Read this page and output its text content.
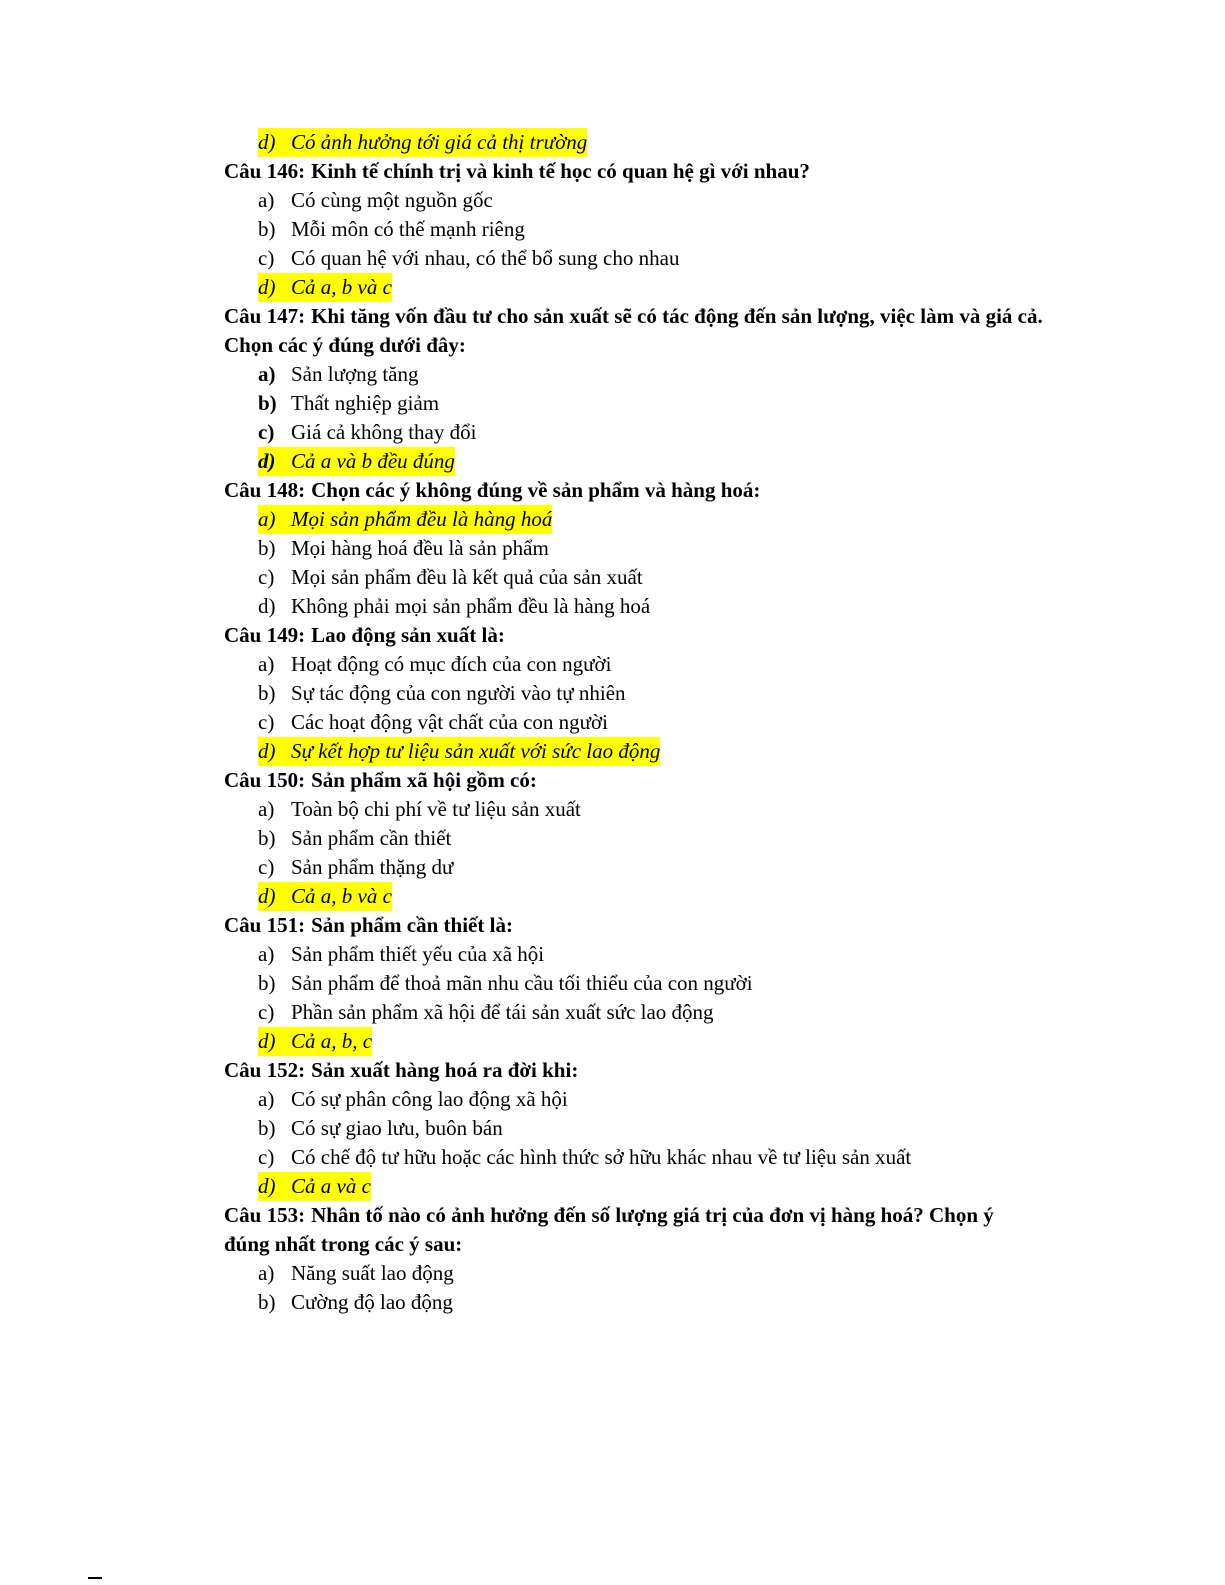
d) Có ảnh hưởng tới giá cả thị trường

Câu 146: Kinh tế chính trị và kinh tế học có quan hệ gì với nhau?

a) Có cùng một nguồn gốc
b) Mỗi môn có thế mạnh riêng
c) Có quan hệ với nhau, có thể bổ sung cho nhau
d) Cả a, b và c

Câu 147: Khi tăng vốn đầu tư cho sản xuất sẽ có tác động đến sản lượng, việc làm và giá cả.

Chọn các ý đúng dưới đây:

a) Sản lượng tăng
b) Thất nghiệp giảm
c) Giá cả không thay đổi
d) Cả a và b đều đúng

Câu 148: Chọn các ý không đúng về sản phẩm và hàng hoá:

a) Mọi sản phẩm đều là hàng hoá
b) Mọi hàng hoá đều là sản phẩm
c) Mọi sản phẩm đều là kết quả của sản xuất
d) Không phải mọi sản phẩm đều là hàng hoá

Câu 149: Lao động sản xuất là:

a) Hoạt động có mục đích của con người
b) Sự tác động của con người vào tự nhiên
c) Các hoạt động vật chất của con người
d) Sự kết hợp tư liệu sản xuất với sức lao động

Câu 150: Sản phẩm xã hội gồm có:

a) Toàn bộ chi phí về tư liệu sản xuất
b) Sản phẩm cần thiết
c) Sản phẩm thặng dư
d) Cả a, b và c

Câu 151: Sản phẩm cần thiết là:

a) Sản phẩm thiết yếu của xã hội
b) Sản phẩm để thoả mãn nhu cầu tối thiểu của con người
c) Phần sản phẩm xã hội để tái sản xuất sức lao động
d) Cả a, b, c

Câu 152: Sản xuất hàng hoá ra đời khi:

a) Có sự phân công lao động xã hội
b) Có sự giao lưu, buôn bán
c) Có chế độ tư hữu hoặc các hình thức sở hữu khác nhau về tư liệu sản xuất
d) Cả a và c

Câu 153: Nhân tố nào có ảnh hưởng đến số lượng giá trị của đơn vị hàng hoá? Chọn ý

đúng nhất trong các ý sau:

a) Năng suất lao động
b) Cường độ lao động
